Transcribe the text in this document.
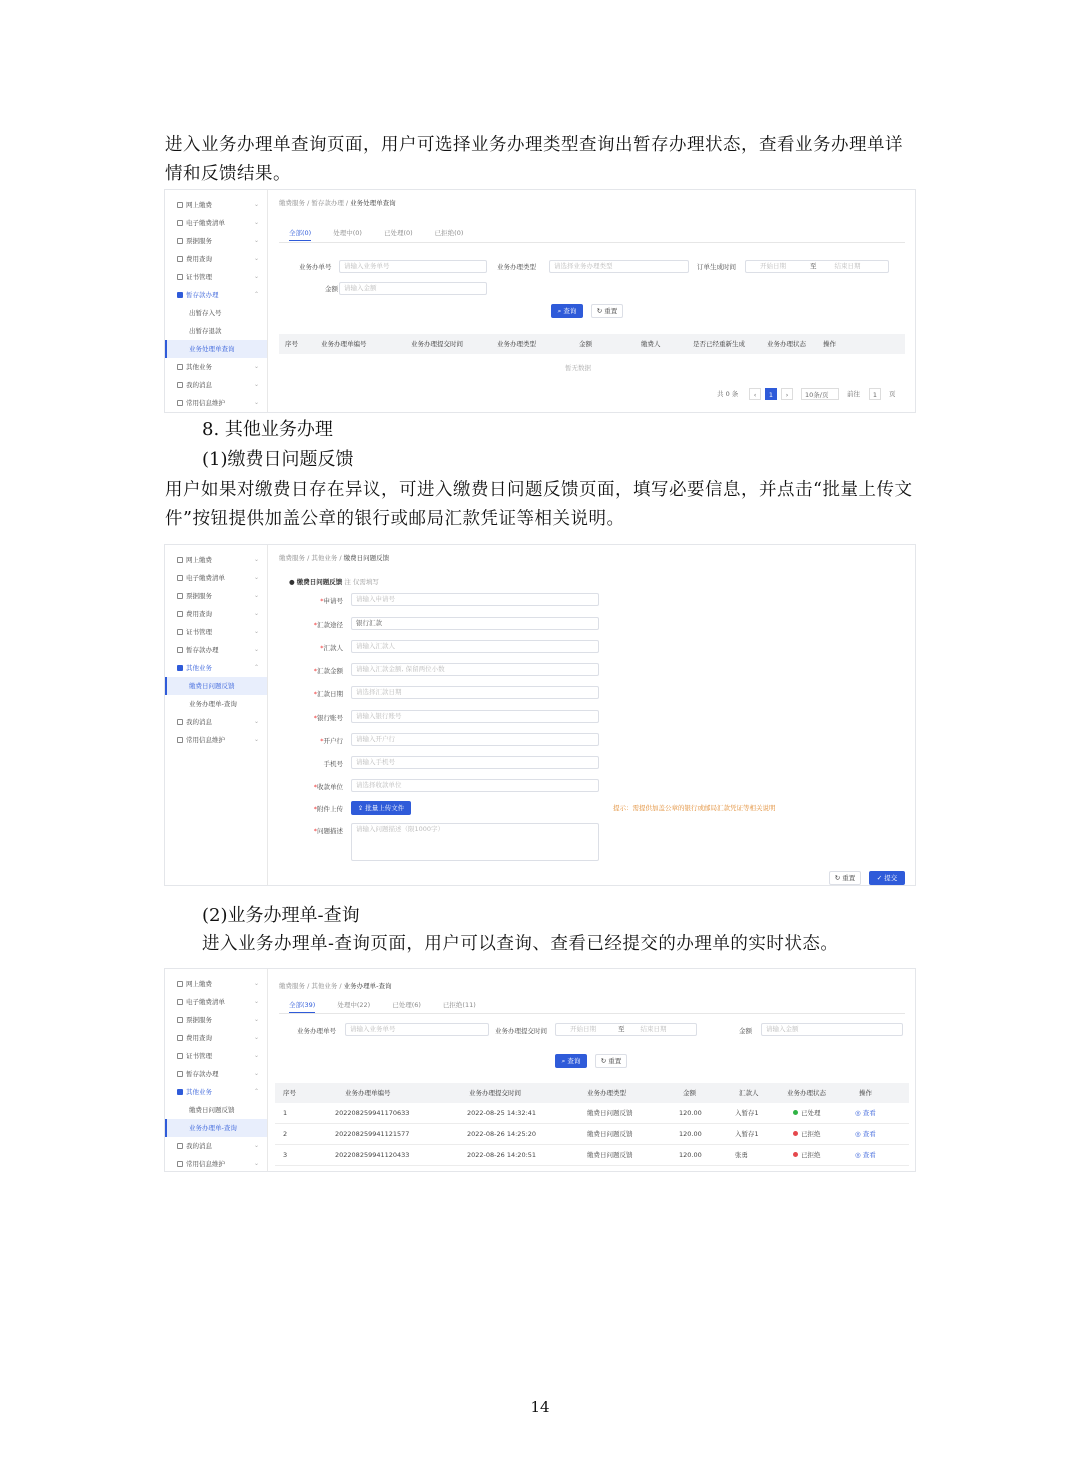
进入业务办理单查询页面，用户可选择业务办理类型查询出暂存办理状态，查看业务办理单详情和反馈结果。
网上缴费	⌄
电子缴费清单	⌄
票据服务	⌄
费用查询	⌄
证书管理	⌄
暂存款办理	⌃
出暂存入号
出暂存退款
业务处理单查询
其他业务	⌄
我的消息	⌄
常用信息维护	⌄
缴费服务 / 暂存款办理 / 业务处理单查询
全部(0)	处理中(0)	已处理(0)	已拒绝(0)
业务办单号	请输入业务单号	业务办理类型	请选择业务办理类型	订单生成时间	开始日期	至	结束日期
金额 请输入金额
⌕ 查询	↻ 重置
序号	业务办理单编号	业务办理提交时间	业务办理类型	金额	缴费人	是否已经重新生成	业务办理状态	操作
暂无数据
共 0 条	‹	1	›	10条/页	前往	1	页
8. 其他业务办理
(1)缴费日问题反馈
用户如果对缴费日存在异议，可进入缴费日问题反馈页面，填写必要信息，并点击“批量上传文件”按钮提供加盖公章的银行或邮局汇款凭证等相关说明。
网上缴费	⌄
电子缴费清单	⌄
票据服务	⌄
费用查询	⌄
证书管理	⌄
暂存款办理	⌄
其他业务	⌃
缴费日问题反馈
业务办理单-查询
我的消息	⌄
常用信息维护	⌄
缴费服务 / 其他业务 / 缴费日问题反馈
● 缴费日问题反馈 注 仅需填写
*申请号	请输入申请号
*汇款途径	银行汇款
*汇款人	请输入汇款人
*汇款金额	请输入汇款金额, 保留两位小数
*汇款日期	请选择汇款日期
*银行账号	请输入银行账号
*开户行	请输入开户行
手机号	请输入手机号
*收款单位	请选择收款单位
*附件上传	⇪ 批量上传文件	提示：需提供加盖公章的银行或邮局汇款凭证等相关说明
*问题描述	请输入问题描述（限1000字）
↻ 重置	✓ 提交
(2)业务办理单-查询
进入业务办理单-查询页面，用户可以查询、查看已经提交的办理单的实时状态。
网上缴费	⌄
电子缴费清单	⌄
票据服务	⌄
费用查询	⌄
证书管理	⌄
暂存款办理	⌄
其他业务	⌃
缴费日问题反馈
业务办理单-查询
我的消息	⌄
常用信息维护	⌄
缴费服务 / 其他业务 / 业务办理单-查询
全部(39)	处理中(22)	已处理(6)	已拒绝(11)
业务办理单号	请输入业务单号	业务办理提交时间	开始日期	至 结束日期	金额	请输入金额
⌕ 查询	↻ 重置
序号	业务办理单编号	业务办理提交时间	业务办理类型	金额	汇款人	业务办理状态	操作
1	20220825994117063З	2022-08-25 14:32:41	缴费日问题反馈	120.00	入暂存1	已处理	◎ 查看
2	202208259941121577	2022-08-26 14:25:20	缴费日问题反馈	120.00	入暂存1	已拒绝	◎ 查看
3	202208259941120433	2022-08-26 14:20:51	缴费日问题反馈	120.00	张勇	已拒绝	◎ 查看
14
